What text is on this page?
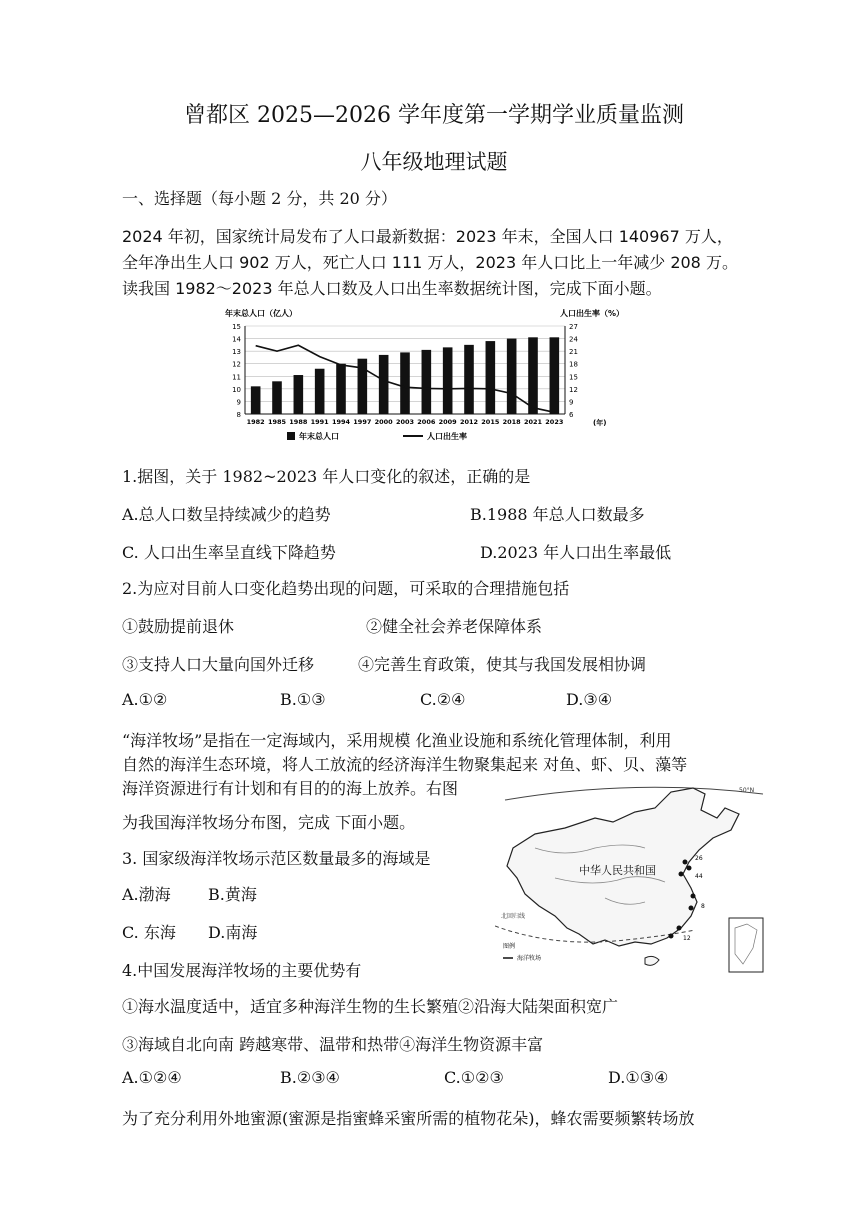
曾都区 2025—2026 学年度第一学期学业质量监测
八年级地理试题
一、选择题（每小题 2 分，共 20 分）
2024 年初，国家统计局发布了人口最新数据：2023 年末，全国人口 140967 万人，
全年净出生人口 902 万人，死亡人口 111 万人，2023 年人口比上一年减少 208 万。
读我国 1982～2023 年总人口数及人口出生率数据统计图，完成下面小题。
年末总人口（亿人）	人口出生率（%）
8
9
10
11
12
13
14
15
6
9
12
15
18
21
24
27
1982 1985 1988 1991 1994 1997 2000 2003 2006 2009 2012 2015 2018 2021 2023	(年)
年末总人口	人口出生率
1.据图，关于 1982~2023 年人口变化的叙述，正确的是
A.总人口数呈持续减少的趋势	B.1988 年总人口数最多
C. 人口出生率呈直线下降趋势	D.2023 年人口出生率最低
2.为应对目前人口变化趋势出现的问题，可采取的合理措施包括
①鼓励提前退休	②健全社会养老保障体系
③支持人口大量向国外迁移	④完善生育政策，使其与我国发展相协调
A.①②	B.①③	C.②④	D.③④
“海洋牧场”是指在一定海域内，采用规模 化渔业设施和系统化管理体制，利用
自然的海洋生态环境，将人工放流的经济海洋生物聚集起来 对鱼、虾、贝、藻等
海洋资源进行有计划和有目的的海上放养。右图
为我国海洋牧场分布图，完成 下面小题。
50°N
北回归线
中华人民共和国
26
44
8
12
图例
海洋牧场
3. 国家级海洋牧场示范区数量最多的海域是
A.渤海 B.黄海
C. 东海 D.南海
4.中国发展海洋牧场的主要优势有
①海水温度适中，适宜多种海洋生物的生长繁殖②沿海大陆架面积宽广
③海域自北向南 跨越寒带、温带和热带④海洋生物资源丰富
A.①②④	B.②③④	C.①②③	D.①③④
为了充分利用外地蜜源(蜜源是指蜜蜂采蜜所需的植物花朵)，蜂农需要频繁转场放
